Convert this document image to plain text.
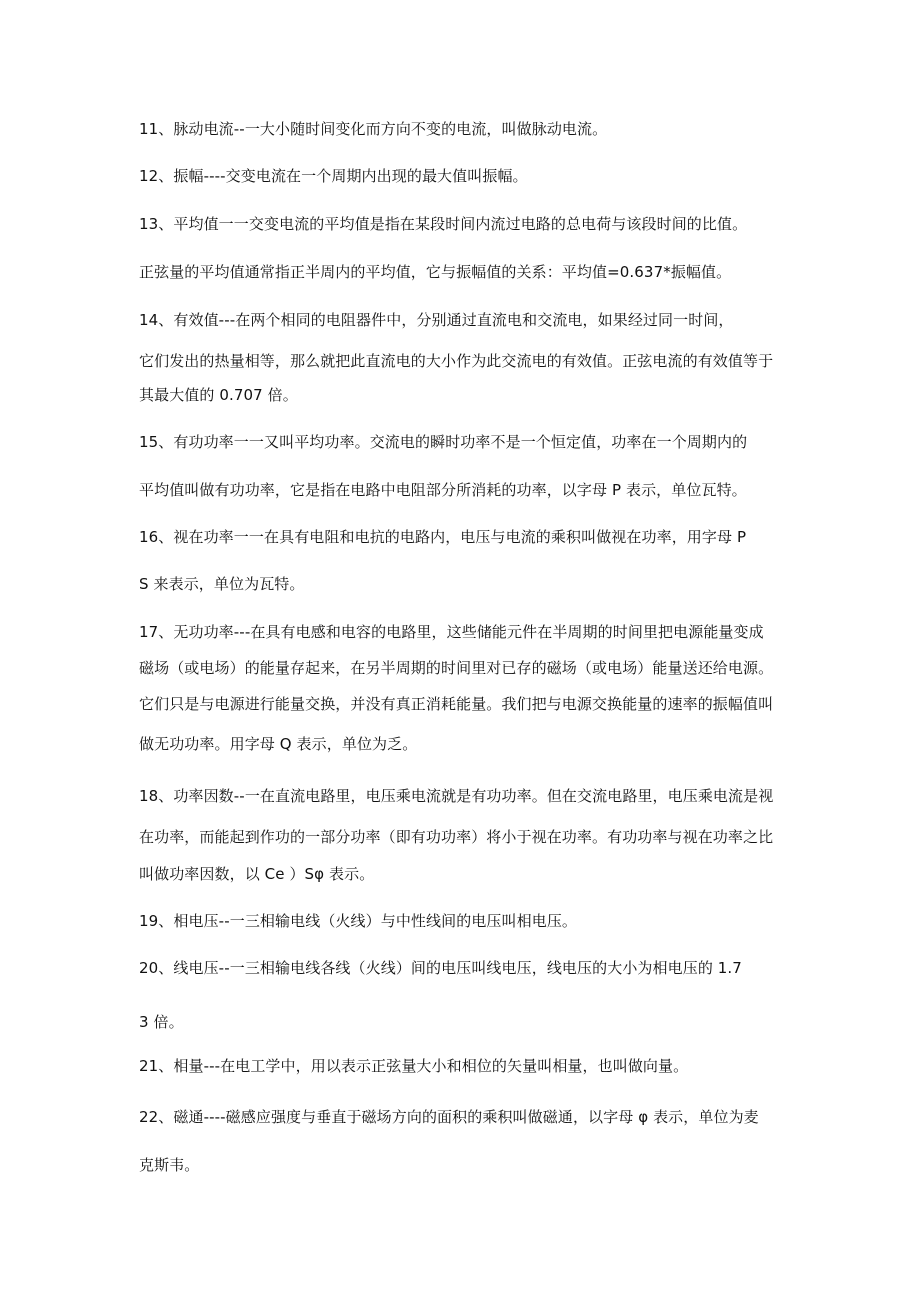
11、脉动电流--一大小随时间变化而方向不变的电流，叫做脉动电流。

12、振幅----交变电流在一个周期内出现的最大值叫振幅。

13、平均值一一交变电流的平均值是指在某段时间内流过电路的总电荷与该段时间的比值。

正弦量的平均值通常指正半周内的平均值，它与振幅值的关系：平均值=0.637*振幅值。

14、有效值---在两个相同的电阻器件中，分别通过直流电和交流电，如果经过同一时间，

它们发出的热量相等，那么就把此直流电的大小作为此交流电的有效值。正弦电流的有效值等于

其最大值的 0.707 倍。

15、有功功率一一又叫平均功率。交流电的瞬时功率不是一个恒定值，功率在一个周期内的

平均值叫做有功功率，它是指在电路中电阻部分所消耗的功率，以字母 P 表示，单位瓦特。

16、视在功率一一在具有电阻和电抗的电路内，电压与电流的乘积叫做视在功率，用字母 P

S 来表示，单位为瓦特。

17、无功功率---在具有电感和电容的电路里，这些储能元件在半周期的时间里把电源能量变成

磁场（或电场）的能量存起来，在另半周期的时间里对已存的磁场（或电场）能量送还给电源。

它们只是与电源进行能量交换，并没有真正消耗能量。我们把与电源交换能量的速率的振幅值叫

做无功功率。用字母 Q 表示，单位为乏。

18、功率因数--一在直流电路里，电压乘电流就是有功功率。但在交流电路里，电压乘电流是视

在功率，而能起到作功的一部分功率（即有功功率）将小于视在功率。有功功率与视在功率之比

叫做功率因数，以 Ce ）Sφ 表示。

19、相电压--一三相输电线（火线）与中性线间的电压叫相电压。

20、线电压--一三相输电线各线（火线）间的电压叫线电压，线电压的大小为相电压的 1.7

3 倍。

21、相量---在电工学中，用以表示正弦量大小和相位的矢量叫相量，也叫做向量。

22、磁通----磁感应强度与垂直于磁场方向的面积的乘积叫做磁通，以字母 φ 表示，单位为麦

克斯韦。
